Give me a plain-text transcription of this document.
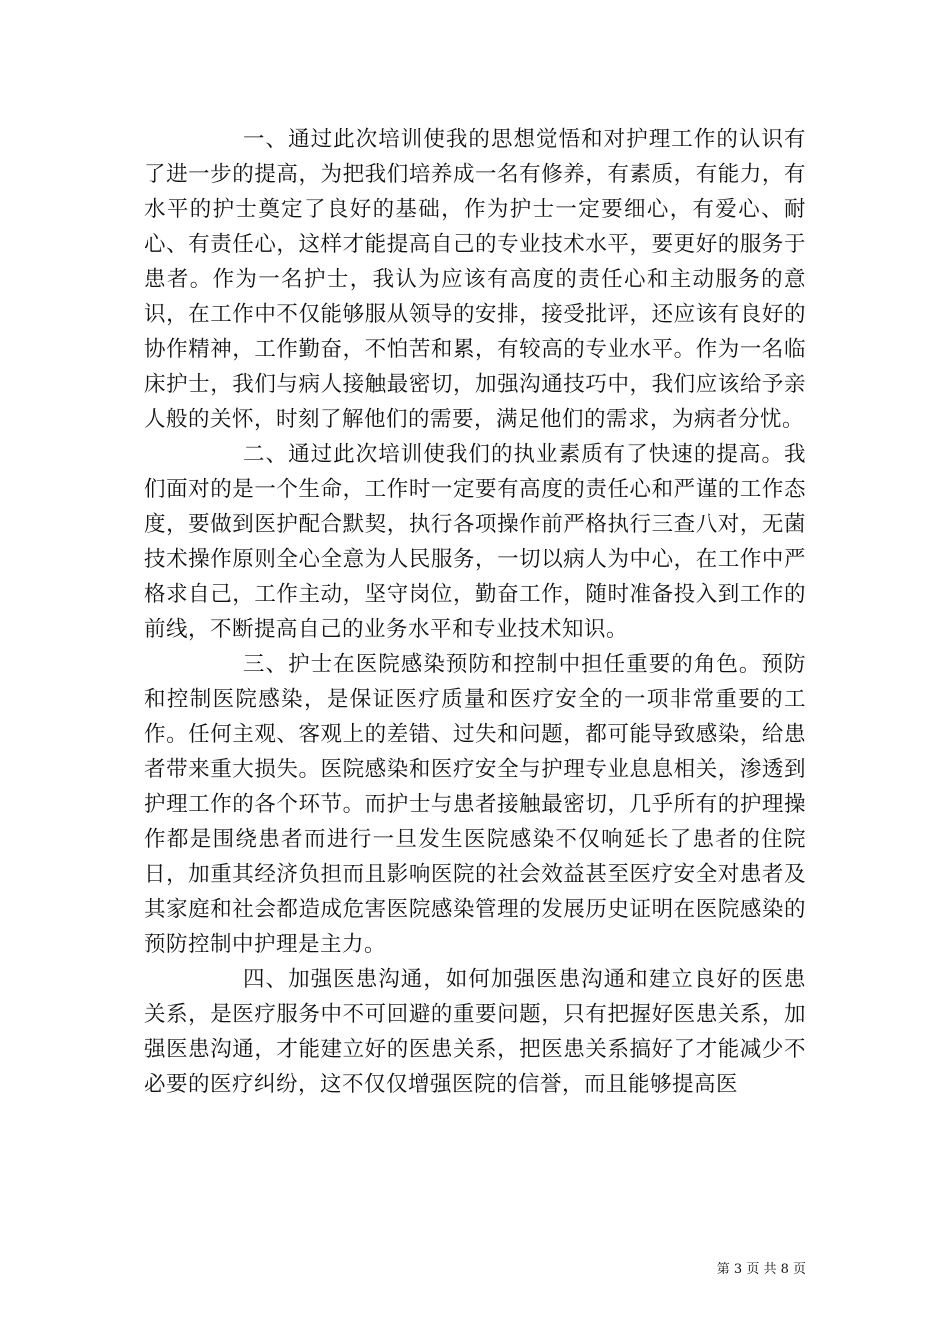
一、通过此次培训使我的思想觉悟和对护理工作的认识有了进一步的提高，为把我们培养成一名有修养，有素质，有能力，有水平的护士奠定了良好的基础，作为护士一定要细心，有爱心、耐心、有责任心，这样才能提高自己的专业技术水平，要更好的服务于患者。作为一名护士，我认为应该有高度的责任心和主动服务的意识，在工作中不仅能够服从领导的安排，接受批评，还应该有良好的协作精神，工作勤奋，不怕苦和累，有较高的专业水平。作为一名临床护士，我们与病人接触最密切，加强沟通技巧中，我们应该给予亲人般的关怀，时刻了解他们的需要，满足他们的需求，为病者分忧。

二、通过此次培训使我们的执业素质有了快速的提高。我们面对的是一个生命，工作时一定要有高度的责任心和严谨的工作态度，要做到医护配合默契，执行各项操作前严格执行三查八对，无菌技术操作原则全心全意为人民服务，一切以病人为中心，在工作中严格求自己，工作主动，坚守岗位，勤奋工作，随时准备投入到工作的前线，不断提高自己的业务水平和专业技术知识。

三、护士在医院感染预防和控制中担任重要的角色。预防和控制医院感染，是保证医疗质量和医疗安全的一项非常重要的工作。任何主观、客观上的差错、过失和问题，都可能导致感染，给患者带来重大损失。医院感染和医疗安全与护理专业息息相关，渗透到护理工作的各个环节。而护士与患者接触最密切，几乎所有的护理操作都是围绕患者而进行一旦发生医院感染不仅响延长了患者的住院日，加重其经济负担而且影响医院的社会效益甚至医疗安全对患者及其家庭和社会都造成危害医院感染管理的发展历史证明在医院感染的预防控制中护理是主力。

四、加强医患沟通，如何加强医患沟通和建立良好的医患关系，是医疗服务中不可回避的重要问题，只有把握好医患关系，加强医患沟通，才能建立好的医患关系，把医患关系搞好了才能减少不必要的医疗纠纷，这不仅仅增强医院的信誉，而且能够提高医

第 3 页 共 8 页
